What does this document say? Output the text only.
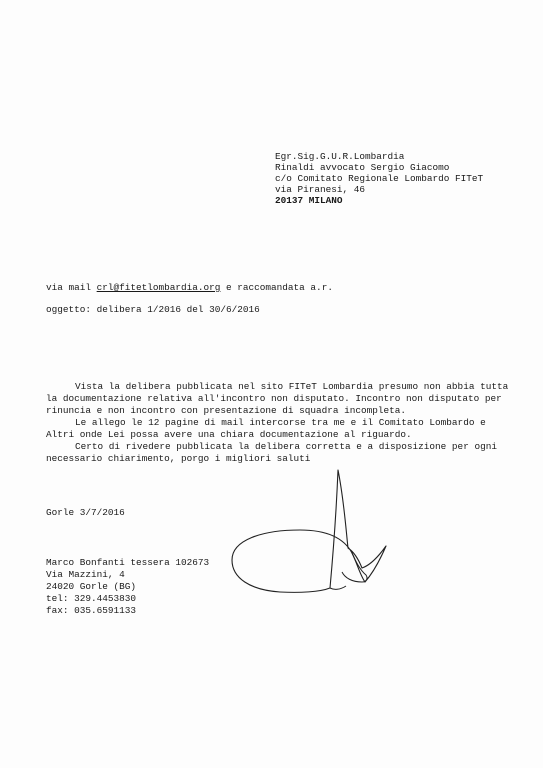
Egr.Sig.G.U.R.Lombardia
Rinaldi avvocato Sergio Giacomo
c/o Comitato Regionale Lombardo FITeT
via Piranesi, 46
20137 MILANO
via mail crl@fitetlombardia.org e raccomandata a.r.
oggetto: delibera 1/2016 del 30/6/2016
Vista la delibera pubblicata nel sito FITeT Lombardia presumo non abbia tutta
la documentazione relativa all'incontro non disputato. Incontro non disputato per
rinuncia e non incontro con presentazione di squadra incompleta.
Le allego le 12 pagine di mail intercorse tra me e il Comitato Lombardo e
Altri onde Lei possa avere una chiara documentazione al riguardo.
Certo di rivedere pubblicata la delibera corretta e a disposizione per ogni
necessario chiarimento, porgo i migliori saluti
Gorle 3/7/2016
Marco Bonfanti tessera 102673
Via Mazzini, 4
24020 Gorle (BG)
tel: 329.4453830
fax: 035.6591133
